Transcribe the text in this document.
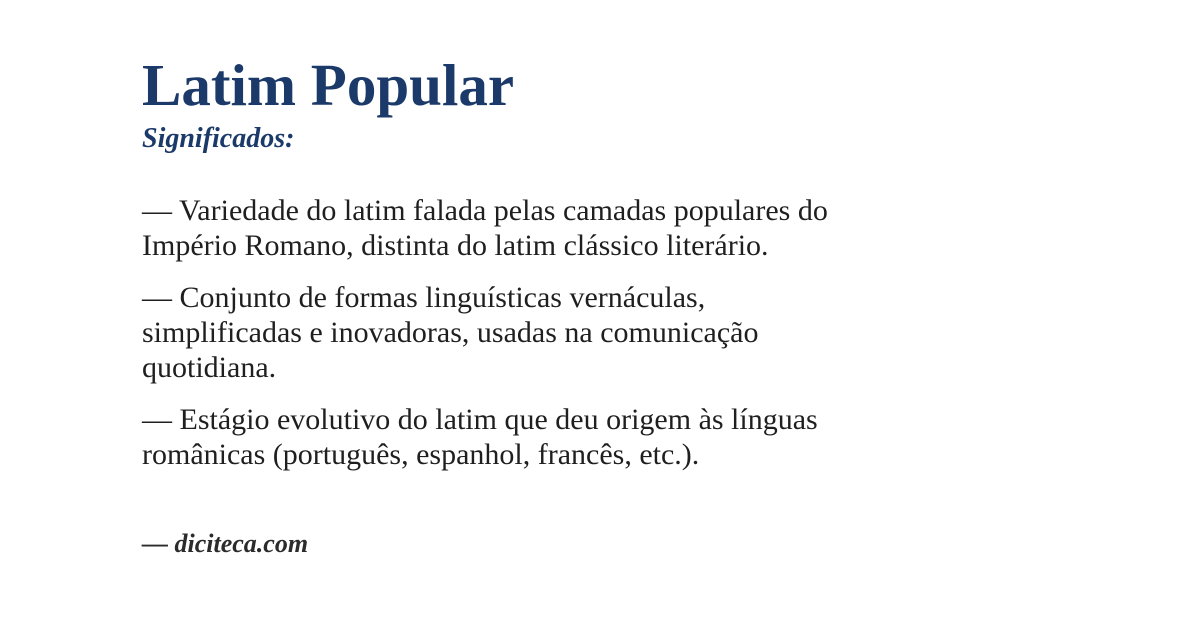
Latim Popular
Significados:

— Variedade do latim falada pelas camadas populares do
Império Romano, distinta do latim clássico literário.

— Conjunto de formas linguísticas vernáculas,
simplificadas e inovadoras, usadas na comunicação
quotidiana.

— Estágio evolutivo do latim que deu origem às línguas
românicas (português, espanhol, francês, etc.).

— diciteca.com
